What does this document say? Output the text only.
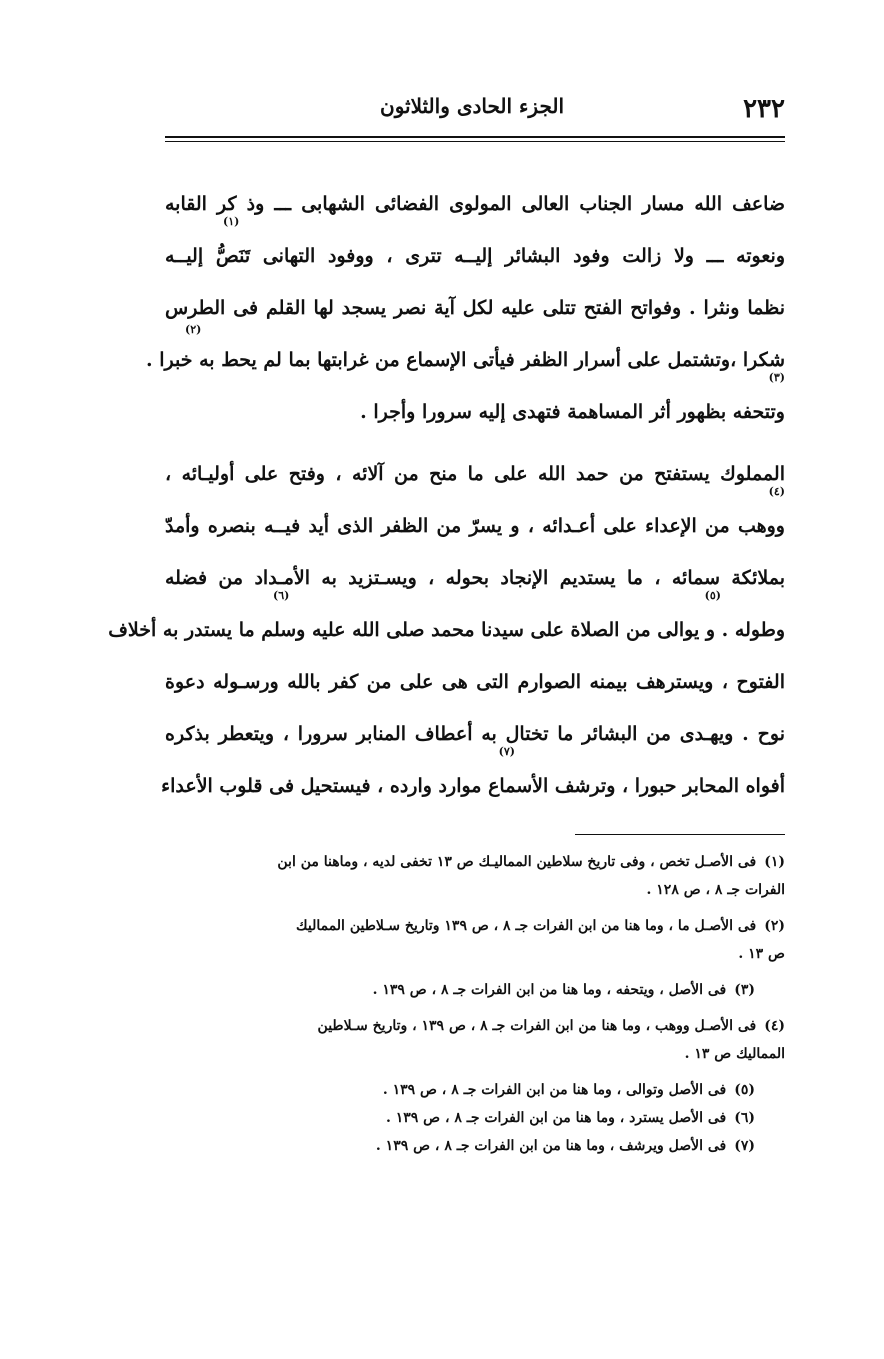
٢٣٢
الجزء الحادى والثلاثون
ضاعف الله مسار الجناب العالى المولوى الفضائى الشهابى ـــ وذ كر القابه
ونعوته ـــ ولا زالت وفود البشائر إليــه تترى ، ووفود التهانى تَنَصُّ إليــه
(١)
نظما ونثرا . وفواتح الفتح تتلى عليه لكل آية نصر يسجد لها القلم فى الطرس
شكرا ،وتشتمل على أسرار الظفر فيأتى الإسماع من غرابتها بما لم يحط به خبرا .
(٢)
وتتحفه بظهور أثر المساهمة فتهدى إليه سرورا وأجرا .
(٣)
المملوك يستفتح من حمد الله على ما منح من آلائه ، وفتح على أوليـائه ،
ووهب من الإعداء على أعـدائه ، و يسرّ من الظفر الذى أيد فيــه بنصره وأمدّ
(٤)
بملائكة سمائه ، ما يستديم الإنجاد بحوله ، ويسـتزيد به الأمـداد من فضله
وطوله . و يوالى من الصلاة على سيدنا محمد صلى الله عليه وسلم ما يستدر به أخلاف
(٥)
(٦)
الفتوح ، ويسترهف بيمنه الصوارم التى هى على من كفر بالله ورسـوله دعوة
نوح . ويهـدى من البشائر ما تختال به أعطاف المنابر سرورا ، ويتعطر بذكره
أفواه المحابر حبورا ، وترشف الأسماع موارد وارده ، فيستحيل فى قلوب الأعداء
(٧)
(١)فى الأصـل تخص ، وفى تاريخ سلاطين المماليـك ص ١٣ تخفى لديه ، وماهنا من ابن
الفرات جـ ٨ ، ص ١٢٨ .
(٢)فى الأصـل ما ، وما هنا من ابن الفرات جـ ٨ ، ص ١٣٩ وتاريخ سـلاطين المماليك
ص ١٣ .
(٣)فى الأصل ، ويتحفه ، وما هنا من ابن الفرات جـ ٨ ، ص ١٣٩ .
(٤)فى الأصـل ووهب ، وما هنا من ابن الفرات جـ ٨ ، ص ١٣٩ ، وتاريخ سـلاطين
المماليك ص ١٣ .
(٥)فى الأصل وتوالى ، وما هنا من ابن الفرات جـ ٨ ، ص ١٣٩ .
(٦)فى الأصل يسترد ، وما هنا من ابن الفرات جـ ٨ ، ص ١٣٩ .
(٧)فى الأصل ويرشف ، وما هنا من ابن الفرات جـ ٨ ، ص ١٣٩ .
